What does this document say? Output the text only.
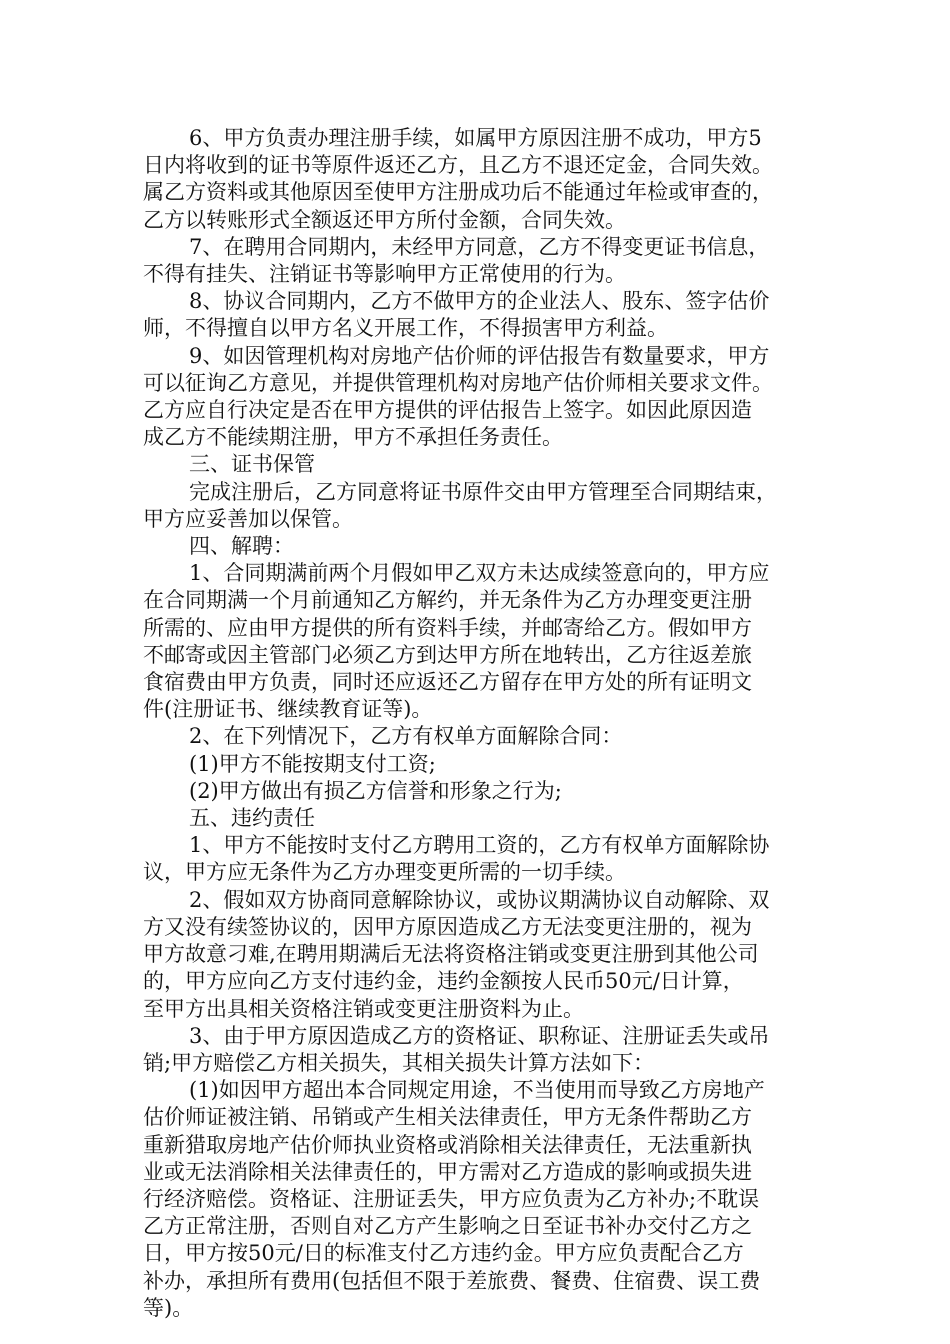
6、甲方负责办理注册手续，如属甲方原因注册不成功，甲方5
日内将收到的证书等原件返还乙方，且乙方不退还定金，合同失效。
属乙方资料或其他原因至使甲方注册成功后不能通过年检或审查的，
乙方以转账形式全额返还甲方所付金额，合同失效。

7、在聘用合同期内，未经甲方同意，乙方不得变更证书信息，
不得有挂失、注销证书等影响甲方正常使用的行为。

8、协议合同期内，乙方不做甲方的企业法人、股东、签字估价
师，不得擅自以甲方名义开展工作，不得损害甲方利益。

9、如因管理机构对房地产估价师的评估报告有数量要求，甲方
可以征询乙方意见，并提供管理机构对房地产估价师相关要求文件。
乙方应自行决定是否在甲方提供的评估报告上签字。如因此原因造
成乙方不能续期注册，甲方不承担任务责任。

三、证书保管

完成注册后，乙方同意将证书原件交由甲方管理至合同期结束，
甲方应妥善加以保管。

四、解聘：

1、合同期满前两个月假如甲乙双方未达成续签意向的，甲方应
在合同期满一个月前通知乙方解约，并无条件为乙方办理变更注册
所需的、应由甲方提供的所有资料手续，并邮寄给乙方。假如甲方
不邮寄或因主管部门必须乙方到达甲方所在地转出，乙方往返差旅
食宿费由甲方负责，同时还应返还乙方留存在甲方处的所有证明文
件(注册证书、继续教育证等)。

2、在下列情况下，乙方有权单方面解除合同：

(1)甲方不能按期支付工资;

(2)甲方做出有损乙方信誉和形象之行为;

五、违约责任

1、甲方不能按时支付乙方聘用工资的，乙方有权单方面解除协
议，甲方应无条件为乙方办理变更所需的一切手续。

2、假如双方协商同意解除协议，或协议期满协议自动解除、双
方又没有续签协议的，因甲方原因造成乙方无法变更注册的，视为
甲方故意刁难,在聘用期满后无法将资格注销或变更注册到其他公司
的，甲方应向乙方支付违约金，违约金额按人民币50元/日计算，
至甲方出具相关资格注销或变更注册资料为止。

3、由于甲方原因造成乙方的资格证、职称证、注册证丢失或吊
销;甲方赔偿乙方相关损失，其相关损失计算方法如下：

(1)如因甲方超出本合同规定用途，不当使用而导致乙方房地产
估价师证被注销、吊销或产生相关法律责任，甲方无条件帮助乙方
重新猎取房地产估价师执业资格或消除相关法律责任，无法重新执
业或无法消除相关法律责任的，甲方需对乙方造成的影响或损失进
行经济赔偿。资格证、注册证丢失，甲方应负责为乙方补办;不耽误
乙方正常注册，否则自对乙方产生影响之日至证书补办交付乙方之
日，甲方按50元/日的标准支付乙方违约金。甲方应负责配合乙方
补办，承担所有费用(包括但不限于差旅费、餐费、住宿费、误工费
等)。
